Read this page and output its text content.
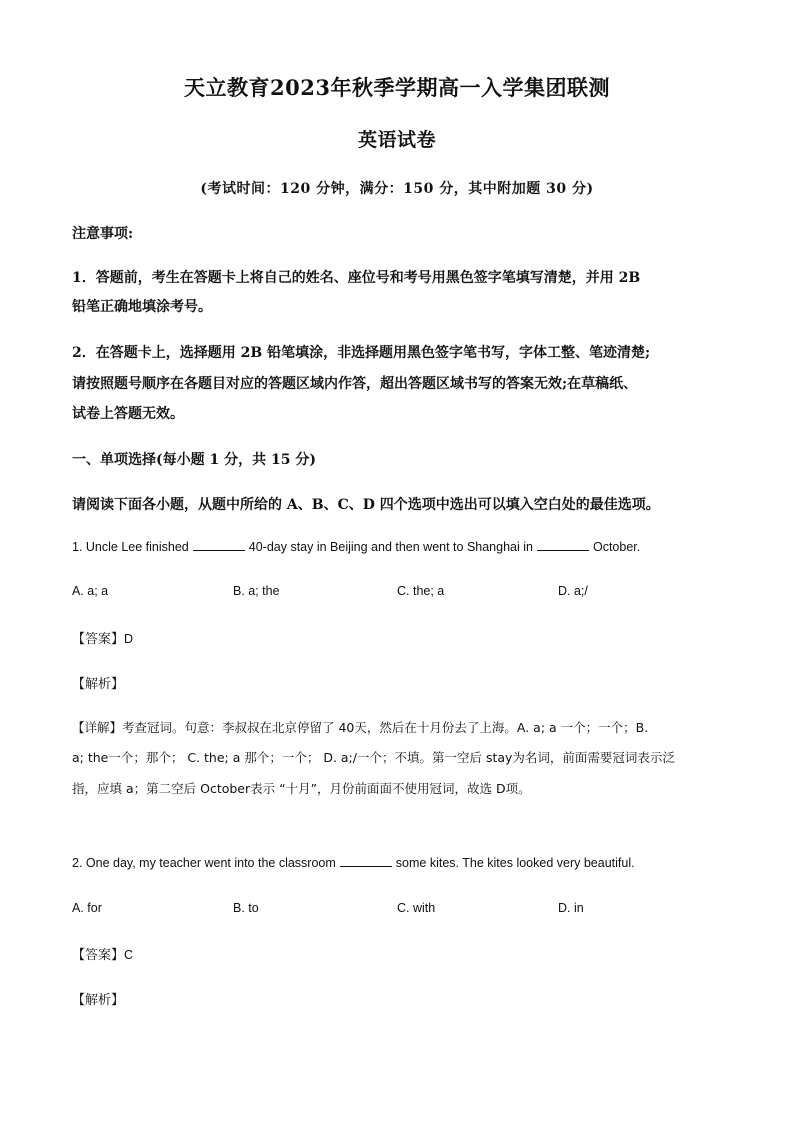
天立教育2023年秋季学期高一入学集团联测
英语试卷
(考试时间：120 分钟，满分：150 分，其中附加题 30 分)
注意事项:
1．答题前，考生在答题卡上将自己的姓名、座位号和考号用黑色签字笔填写清楚，并用 2B
铅笔正确地填涂考号。
2．在答题卡上，选择题用 2B 铅笔填涂，非选择题用黑色签字笔书写，字体工整、笔迹清楚;
请按照题号顺序在各题目对应的答题区域内作答，超出答题区域书写的答案无效;在草稿纸、
试卷上答题无效。
一、单项选择(每小题 1 分，共 15 分)
请阅读下面各小题，从题中所给的 A、B、C、D 四个选项中选出可以填入空白处的最佳选项。
1. Uncle Lee finished	40-day stay in Beijing and then went to Shanghai in	October.
A. a; a	B. a; the	C. the; a	D. a;/
【答案】D
【解析】
【详解】考查冠词。句意：李叔叔在北京停留了 40天，然后在十月份去了上海。A. a; a 一个；一个；B.
a; the一个；那个； C. the; a 那个；一个； D. a;/一个；不填。第一空后 stay为名词，前面需要冠词表示泛
指，应填 a；第二空后 October表示 “十月”，月份前面面不使用冠词，故选 D项。
2. One day, my teacher went into the classroom	some kites. The kites looked very beautiful.
A. for	B. to	C. with	D. in
【答案】C
【解析】
